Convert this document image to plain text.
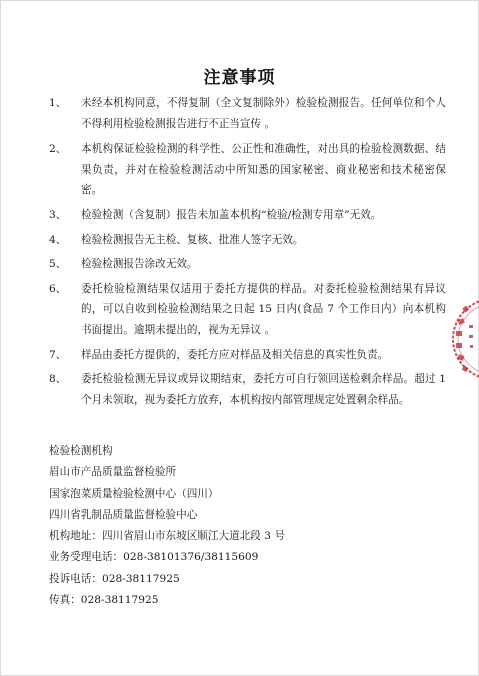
注意事项
1、	未经本机构同意，不得复制（全文复制除外）检验检测报告。任何单位和个人不得利用检验检测报告进行不正当宣传 。
2、	本机构保证检验检测的科学性、公正性和准确性，对出具的检验检测数据、结果负责，并对在检验检测活动中所知悉的国家秘密、商业秘密和技术秘密保密。
3、	检验检测（含复制）报告未加盖本机构“检验/检测专用章”无效。
4、	检验检测报告无主检、复核、批准人签字无效。
5、	检验检测报告涂改无效。
6、	委托检验检测结果仅适用于委托方提供的样品。对委托检验检测结果有异议的，可以自收到检验检测结果之日起 15 日内(食品 7 个工作日内）向本机构书面提出。逾期未提出的，视为无异议 。
7、	样品由委托方提供的，委托方应对样品及相关信息的真实性负责。
8、	委托检验检测无异议或异议期结束，委托方可自行领回送检剩余样品。超过 1 个月未领取，视为委托方放弃，本机构按内部管理规定处置剩余样品。
检验检测机构
眉山市产品质量监督检验所
国家泡菜质量检验检测中心（四川）
四川省乳制品质量监督检验中心
机构地址：四川省眉山市东坡区顺江大道北段 3 号
业务受理电话：028-38101376/38115609
投诉电话：028-38117925
传真：028-38117925
